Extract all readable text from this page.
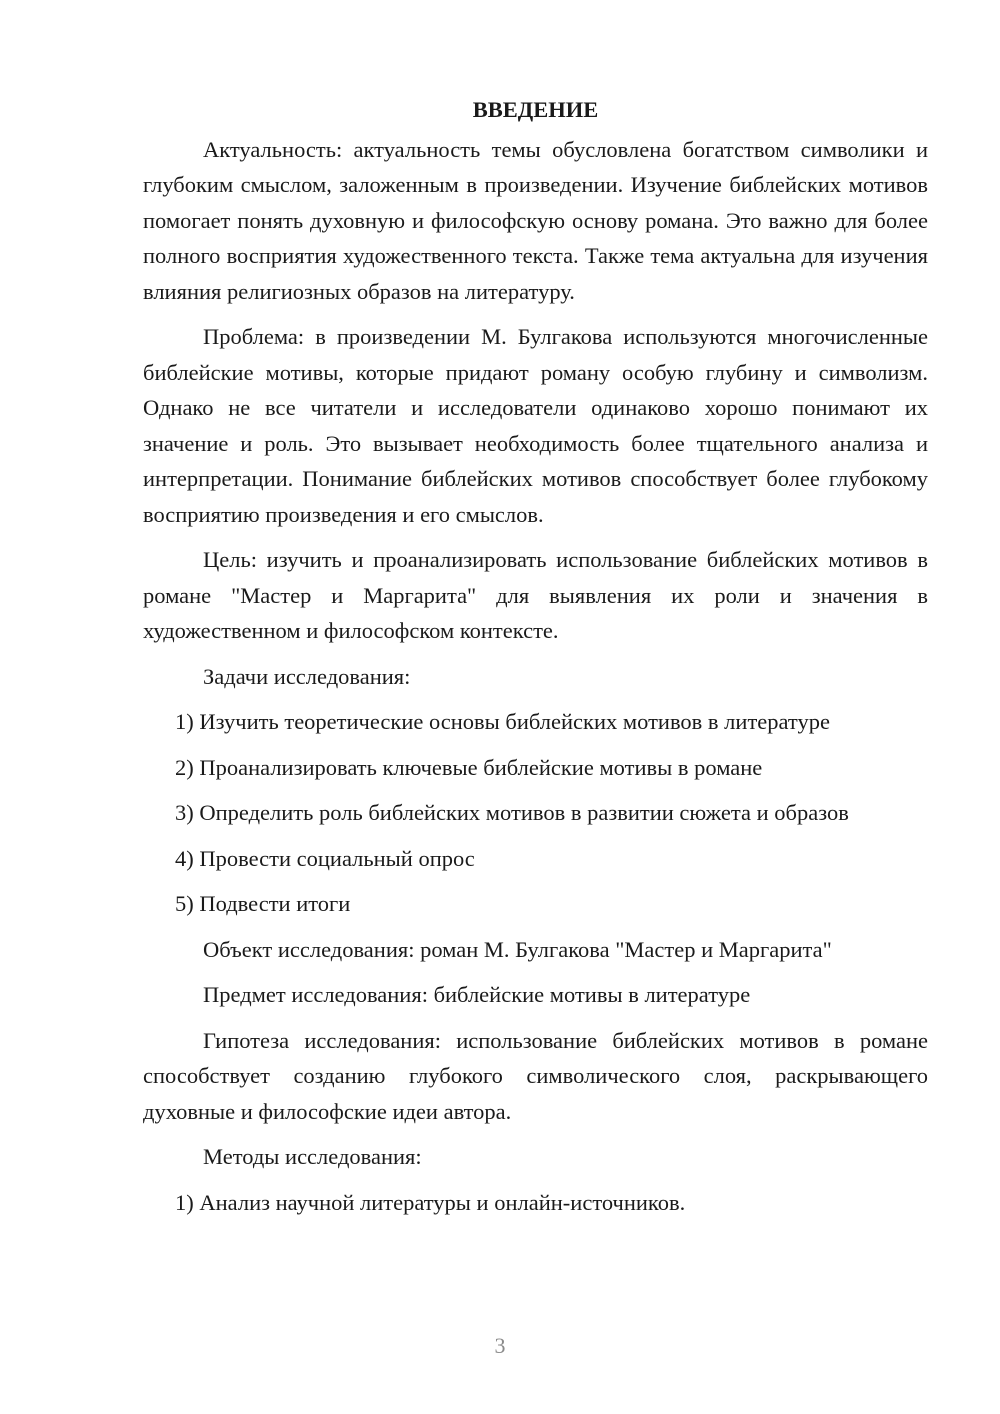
ВВЕДЕНИЕ

Актуальность: актуальность темы обусловлена богатством символики и глубоким смыслом, заложенным в произведении. Изучение библейских мотивов помогает понять духовную и философскую основу романа. Это важно для более полного восприятия художественного текста. Также тема актуальна для изучения влияния религиозных образов на литературу.

Проблема: в произведении М. Булгакова используются многочисленные библейские мотивы, которые придают роману особую глубину и символизм. Однако не все читатели и исследователи одинаково хорошо понимают их значение и роль. Это вызывает необходимость более тщательного анализа и интерпретации. Понимание библейских мотивов способствует более глубокому восприятию произведения и его смыслов.

Цель: изучить и проанализировать использование библейских мотивов в романе "Мастер и Маргарита" для выявления их роли и значения в художественном и философском контексте.

Задачи исследования:
1) Изучить теоретические основы библейских мотивов в литературе
2) Проанализировать ключевые библейские мотивы в романе
3) Определить роль библейских мотивов в развитии сюжета и образов
4) Провести социальный опрос
5) Подвести итоги
Объект исследования: роман М. Булгакова "Мастер и Маргарита"
Предмет исследования: библейские мотивы в литературе

Гипотеза исследования: использование библейских мотивов в романе способствует созданию глубокого символического слоя, раскрывающего духовные и философские идеи автора.

Методы исследования:
1) Анализ научной литературы и онлайн-источников.
3
